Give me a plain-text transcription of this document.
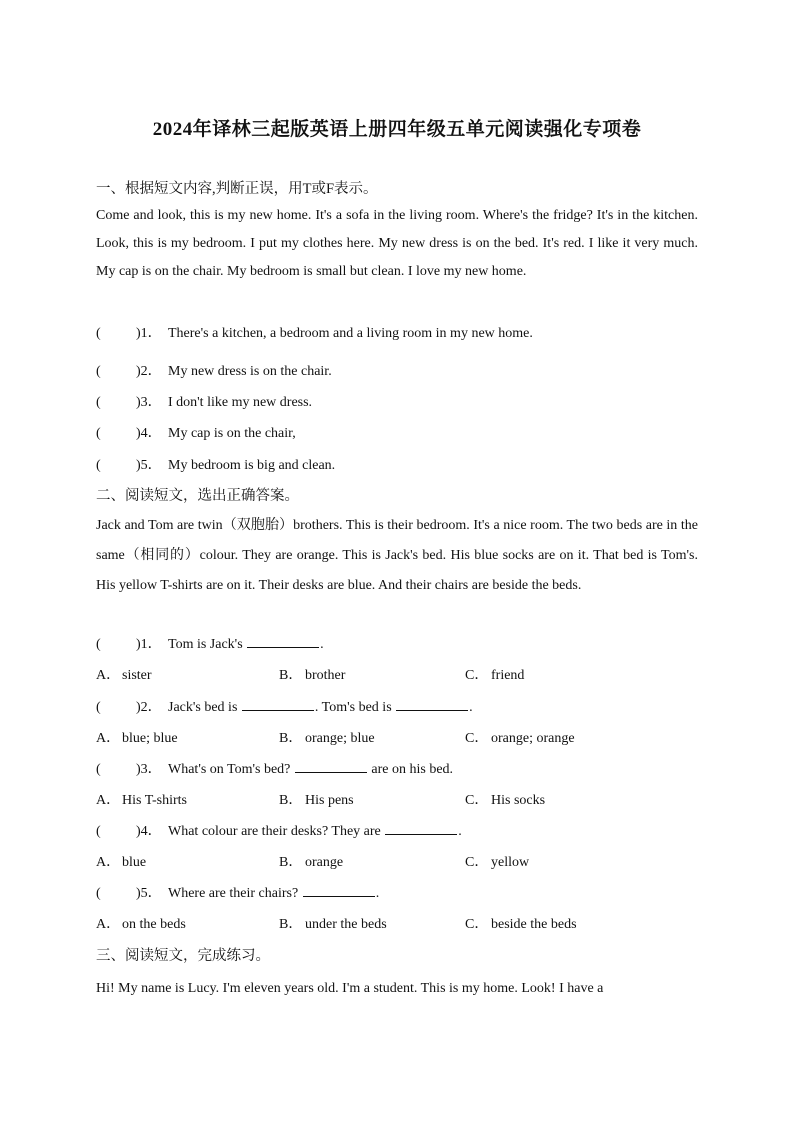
2024年译林三起版英语上册四年级五单元阅读强化专项卷
一、根据短文内容,判断正误，用T或F表示。
Come and look, this is my new home. It's a sofa in the living room. Where's the fridge? It's in the kitchen. Look, this is my bedroom. I put my clothes here. My new dress is on the bed. It's red. I like it very much. My cap is on the chair. My bedroom is small but clean. I love my new home.
(	)1． There's a kitchen, a bedroom and a living room in my new home.
(	)2． My new dress is on the chair.
(	)3． I don't like my new dress.
(	)4． My cap is on the chair,
(	)5． My bedroom is big and clean.
二、阅读短文，选出正确答案。
Jack and Tom are twin（双胞胎）brothers. This is their bedroom. It's a nice room. The two beds are in the same（相同的）colour. They are orange. This is Jack's bed. His blue socks are on it. That bed is Tom's. His yellow T-shirts are on it. Their desks are blue. And their chairs are beside the beds.
(	)1． Tom is Jack's	.
A． sister	B． brother	C． friend
(	)2． Jack's bed is	. Tom's bed is	.
A． blue; blue	B． orange; blue	C． orange; orange
(	)3． What's on Tom's bed?	are on his bed.
A． His T-shirts	B． His pens	C． His socks
(	)4． What colour are their desks? They are	.
A． blue	B． orange	C． yellow
(	)5． Where are their chairs?	.
A． on the beds	B． under the beds	C． beside the beds
三、阅读短文，完成练习。
Hi! My name is Lucy. I'm eleven years old. I'm a student. This is my home. Look! I have a
